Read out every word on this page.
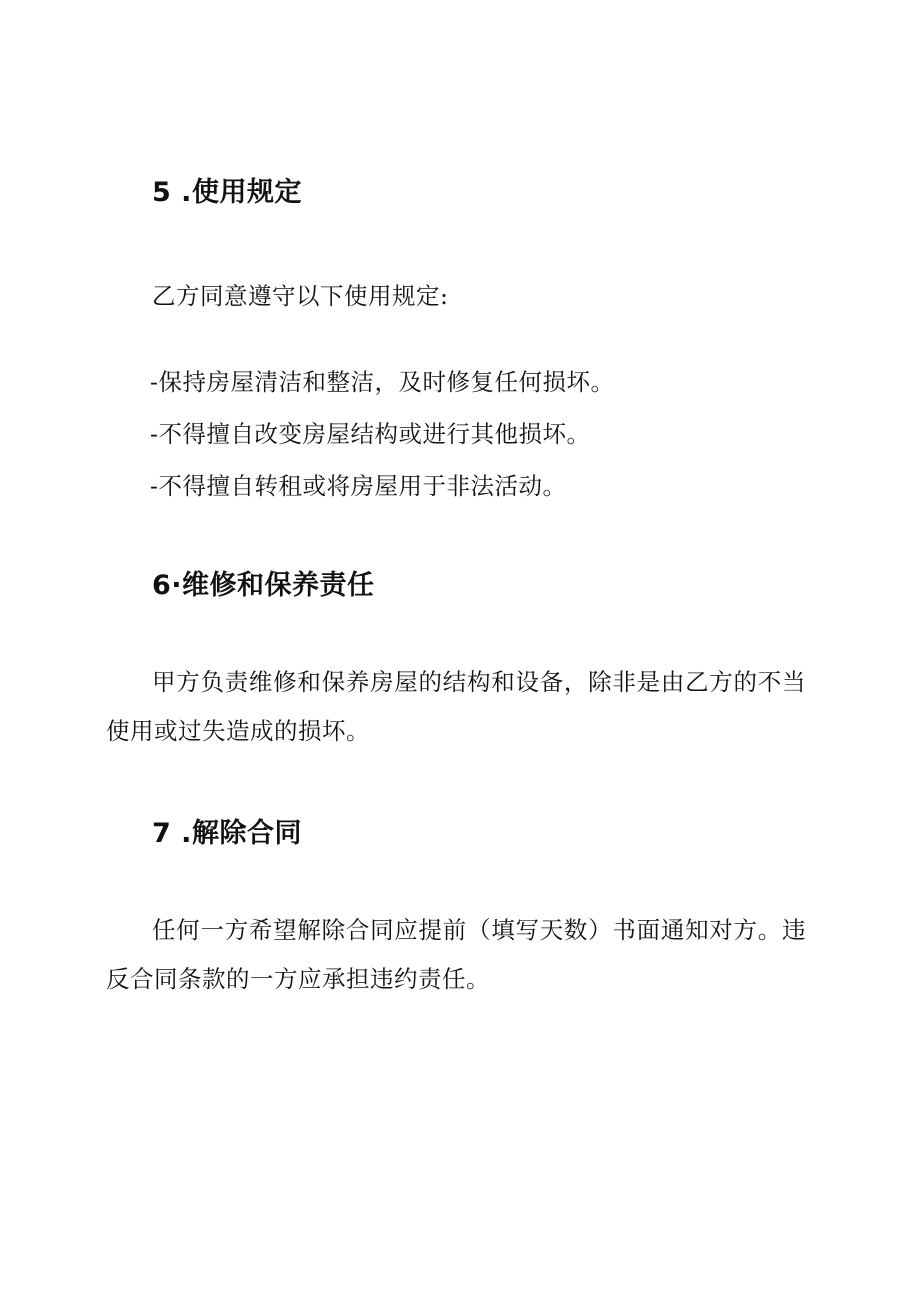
5 .使用规定
乙方同意遵守以下使用规定:
-保持房屋清洁和整洁，及时修复任何损坏。
-不得擅自改变房屋结构或进行其他损坏。
-不得擅自转租或将房屋用于非法活动。
6·维修和保养责任
甲方负责维修和保养房屋的结构和设备，除非是由乙方的不当使用或过失造成的损坏。
7 .解除合同
任何一方希望解除合同应提前（填写天数）书面通知对方。违反合同条款的一方应承担违约责任。
